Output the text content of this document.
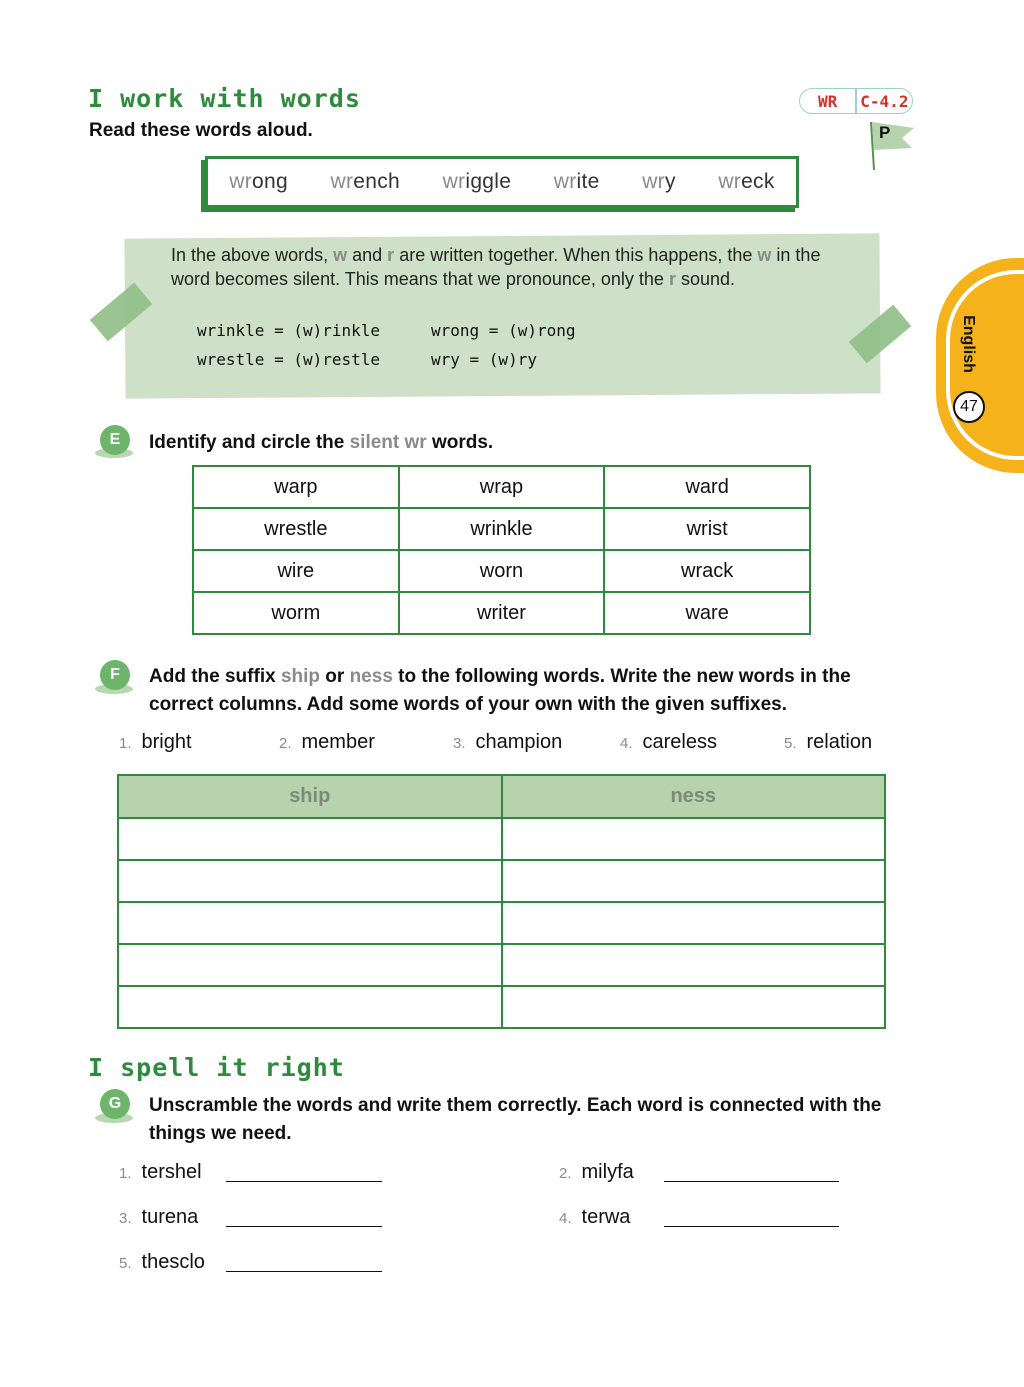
I work with words	WR	C-4.2
P
Read these words aloud.
wrong wrench wriggle write wry wreck
In the above words, w and r are written together. When this happens, the w in the word becomes silent. This means that we pronounce, only the r sound.
wrinkle = (w)rinkle	wrong = (w)rong
wrestle = (w)restle	wry = (w)ry	English
47
E	Identify and circle the silent wr words.
warp	wrap	ward
wrestle	wrinkle	wrist
wire	worn	wrack
worm	writer	ware
F	Add the suffix ship or ness to the following words. Write the new words in the correct columns. Add some words of your own with the given suffixes.
1. bright	2. member	3. champion	4. careless	5. relation
ship	ness

I spell it right
G	Unscramble the words and write them correctly. Each word is connected with the things we need.
1. tershel	2. milyfa
3. turena	4. terwa
5. thesclo
